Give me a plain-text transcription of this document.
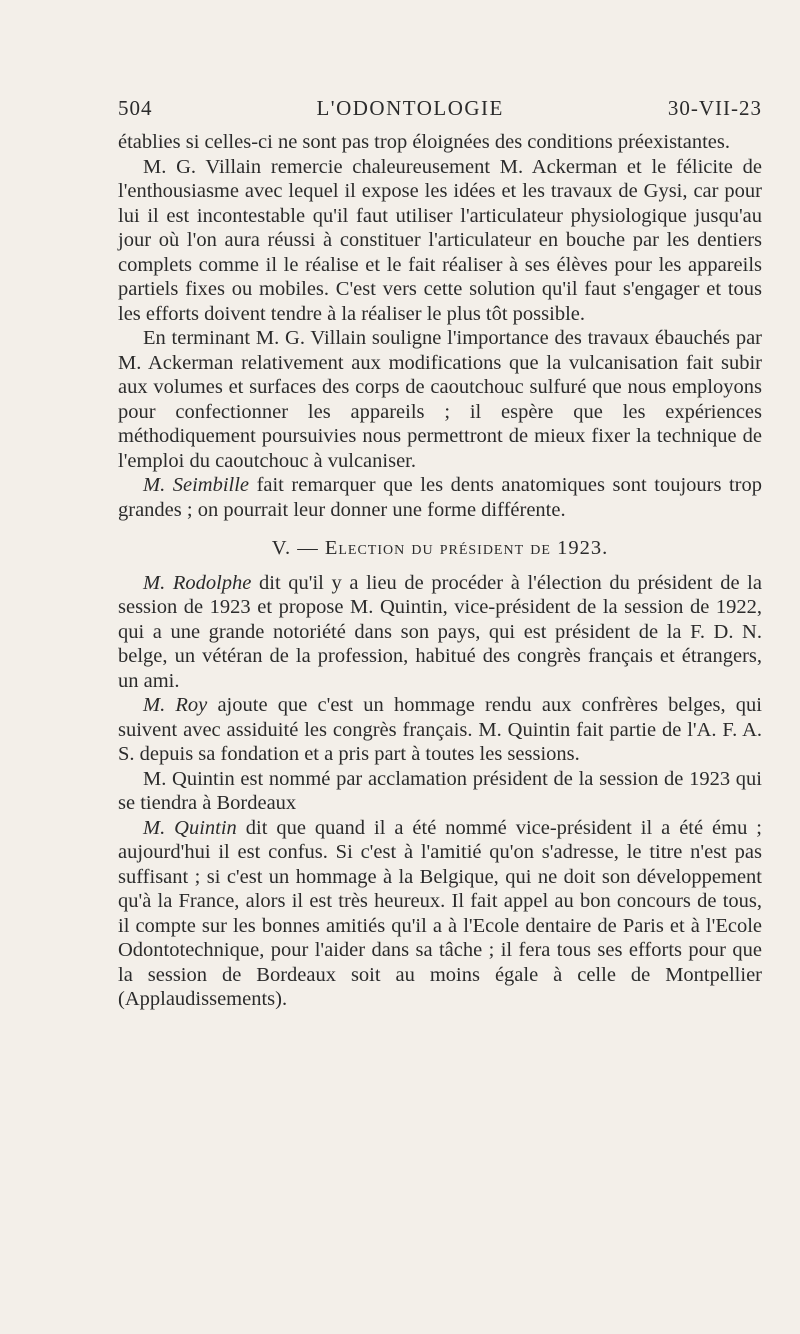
504	L'ODONTOLOGIE	30-VII-23

établies si celles-ci ne sont pas trop éloignées des conditions préexistantes.

M. G. Villain remercie chaleureusement M. Ackerman et le félicite de l'enthousiasme avec lequel il expose les idées et les travaux de Gysi, car pour lui il est incontestable qu'il faut utiliser l'articulateur physiologique jusqu'au jour où l'on aura réussi à constituer l'articulateur en bouche par les dentiers complets comme il le réalise et le fait réaliser à ses élèves pour les appareils partiels fixes ou mobiles. C'est vers cette solution qu'il faut s'engager et tous les efforts doivent tendre à la réaliser le plus tôt possible.

En terminant M. G. Villain souligne l'importance des travaux ébauchés par M. Ackerman relativement aux modifications que la vulcanisation fait subir aux volumes et surfaces des corps de caoutchouc sulfuré que nous employons pour confectionner les appareils ; il espère que les expériences méthodiquement poursuivies nous permettront de mieux fixer la technique de l'emploi du caoutchouc à vulcaniser.

M. Seimbille fait remarquer que les dents anatomiques sont toujours trop grandes ; on pourrait leur donner une forme différente.

V. — Election du président de 1923.

M. Rodolphe dit qu'il y a lieu de procéder à l'élection du président de la session de 1923 et propose M. Quintin, vice-président de la session de 1922, qui a une grande notoriété dans son pays, qui est président de la F. D. N. belge, un vétéran de la profession, habitué des congrès français et étrangers, un ami.

M. Roy ajoute que c'est un hommage rendu aux confrères belges, qui suivent avec assiduité les congrès français. M. Quintin fait partie de l'A. F. A. S. depuis sa fondation et a pris part à toutes les sessions.

M. Quintin est nommé par acclamation président de la session de 1923 qui se tiendra à Bordeaux

M. Quintin dit que quand il a été nommé vice-président il a été ému ; aujourd'hui il est confus. Si c'est à l'amitié qu'on s'adresse, le titre n'est pas suffisant ; si c'est un hommage à la Belgique, qui ne doit son développement qu'à la France, alors il est très heureux. Il fait appel au bon concours de tous, il compte sur les bonnes amitiés qu'il a à l'Ecole dentaire de Paris et à l'Ecole Odontotechnique, pour l'aider dans sa tâche ; il fera tous ses efforts pour que la session de Bordeaux soit au moins égale à celle de Montpellier (Applaudissements).
